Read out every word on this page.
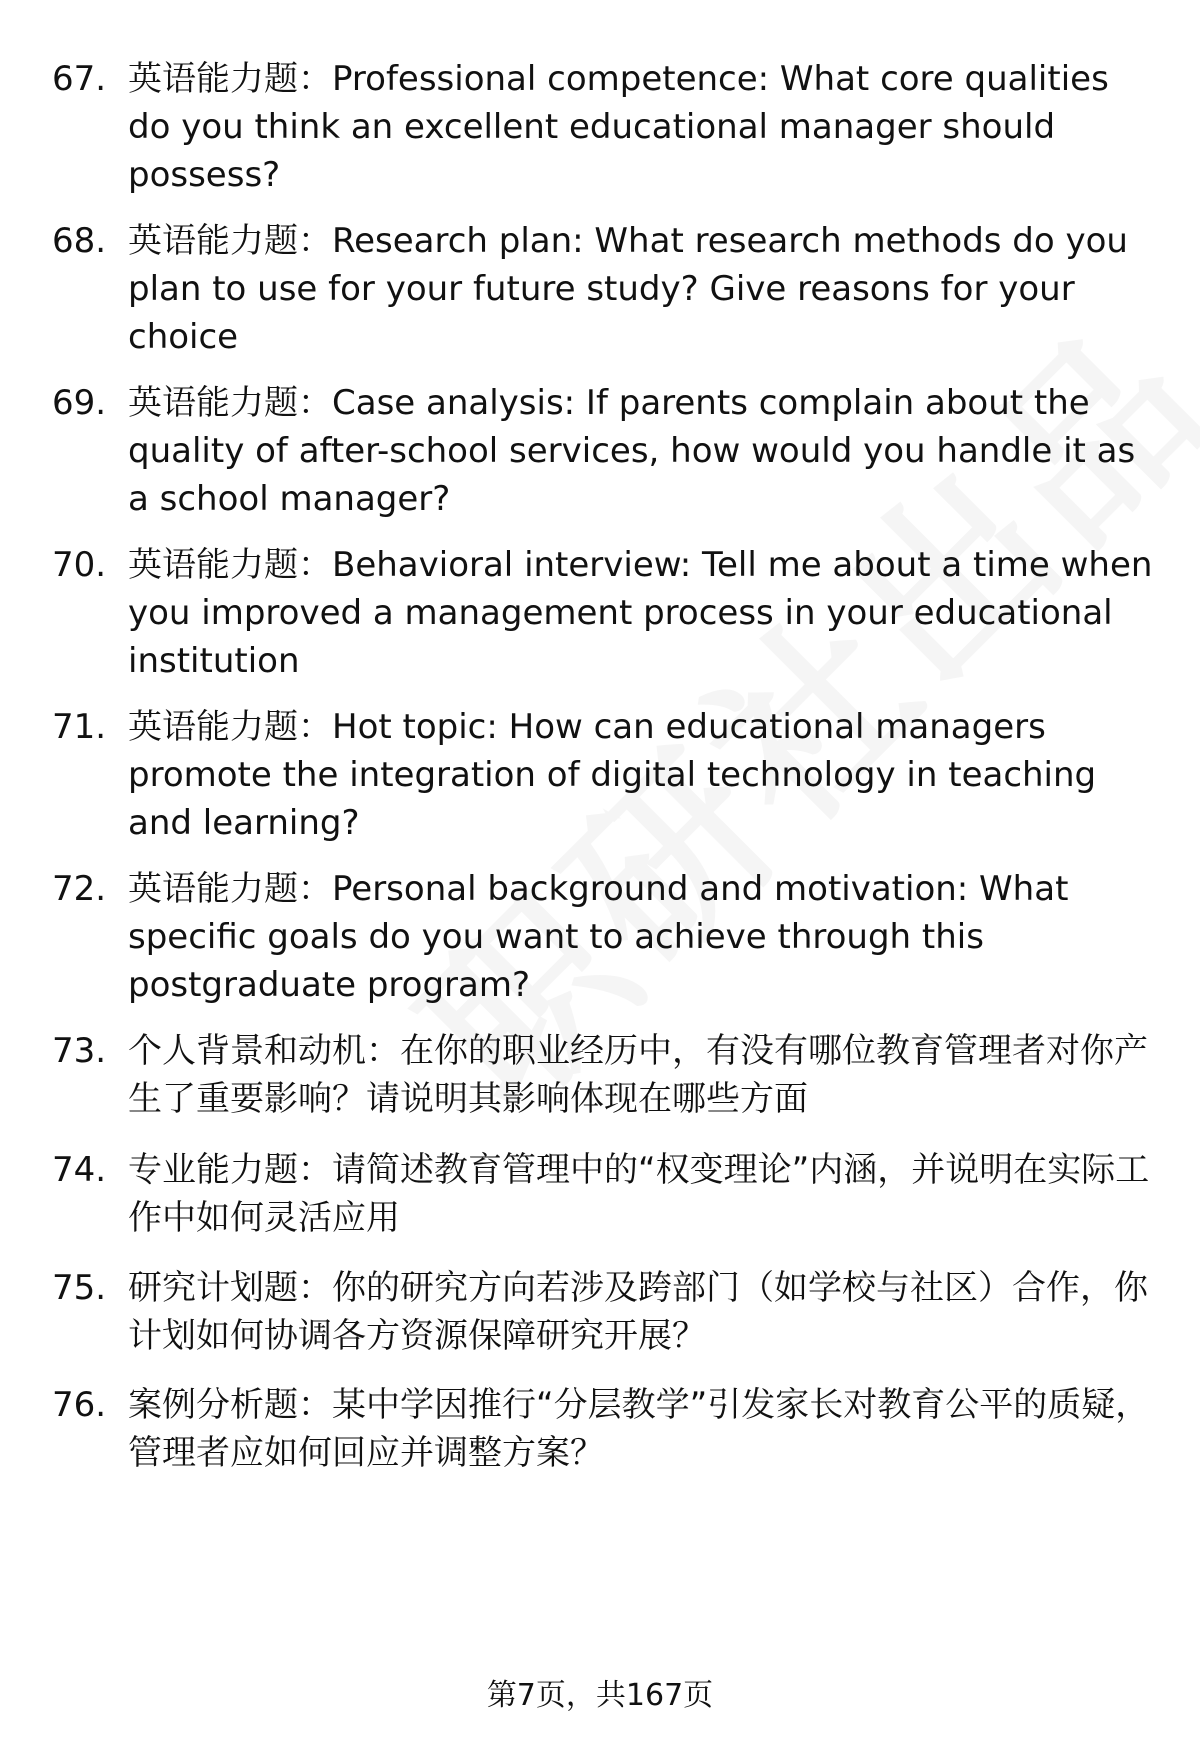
67. 英语能力题：Professional competence: What core qualities do you think an excellent educational manager should possess?
68. 英语能力题：Research plan: What research methods do you plan to use for your future study? Give reasons for your choice
69. 英语能力题：Case analysis: If parents complain about the quality of after-school services, how would you handle it as a school manager?
70. 英语能力题：Behavioral interview: Tell me about a time when you improved a management process in your educational institution
71. 英语能力题：Hot topic: How can educational managers promote the integration of digital technology in teaching and learning?
72. 英语能力题：Personal background and motivation: What specific goals do you want to achieve through this postgraduate program?
73. 个人背景和动机：在你的职业经历中，有没有哪位教育管理者对你产生了重要影响？请说明其影响体现在哪些方面
74. 专业能力题：请简述教育管理中的“权变理论”内涵，并说明在实际工作中如何灵活应用
75. 研究计划题：你的研究方向若涉及跨部门（如学校与社区）合作，你计划如何协调各方资源保障研究开展？
76. 案例分析题：某中学因推行“分层教学”引发家长对教育公平的质疑，管理者应如何回应并调整方案？
第7页，共167页
